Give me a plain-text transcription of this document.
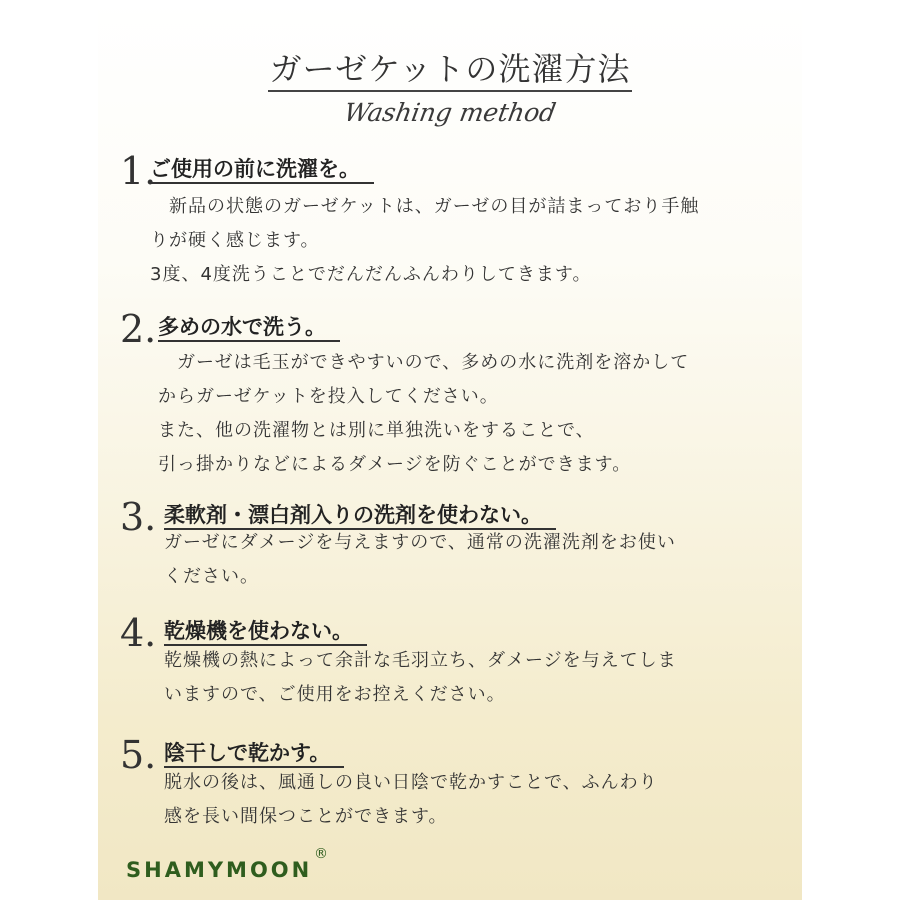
ガーゼケットの洗濯方法
Washing method
1.
ご使用の前に洗濯を。

　新品の状態のガーゼケットは、ガーゼの目が詰まっており手触

りが硬く感じます。

3度、4度洗うことでだんだんふんわりしてきます。

2. 多めの水で洗う。

　ガーゼは毛玉ができやすいので、多めの水に洗剤を溶かして

からガーゼケットを投入してください。

また、他の洗濯物とは別に単独洗いをすることで、

引っ掛かりなどによるダメージを防ぐことができます。

3. 柔軟剤・漂白剤入りの洗剤を使わない。

ガーゼにダメージを与えますので、通常の洗濯洗剤をお使い

ください。

4. 乾燥機を使わない。

乾燥機の熱によって余計な毛羽立ち、ダメージを与えてしま

いますので、ご使用をお控えください。

5. 陰干しで乾かす。

脱水の後は、風通しの良い日陰で乾かすことで、ふんわり

感を長い間保つことができます。

SHAMYMOON
®
